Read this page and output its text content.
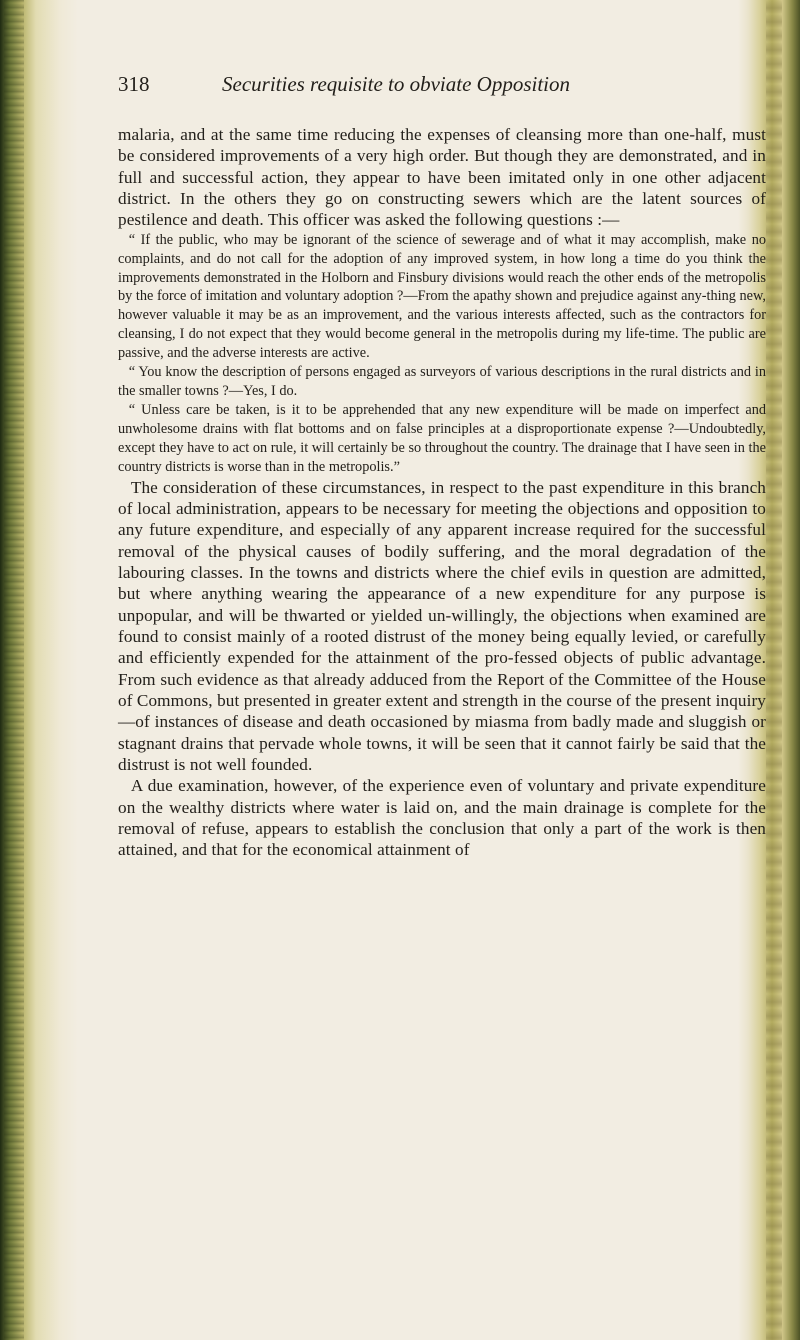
318	Securities requisite to obviate Opposition

malaria, and at the same time reducing the expenses of cleansing more than one-half, must be considered improvements of a very high order. But though they are demonstrated, and in full and successful action, they appear to have been imitated only in one other adjacent district. In the others they go on constructing sewers which are the latent sources of pestilence and death. This officer was asked the following questions :—

“ If the public, who may be ignorant of the science of sewerage and of what it may accomplish, make no complaints, and do not call for the adoption of any improved system, in how long a time do you think the improvements demonstrated in the Holborn and Finsbury divisions would reach the other ends of the metropolis by the force of imitation and voluntary adoption ?—From the apathy shown and prejudice against any-thing new, however valuable it may be as an improvement, and the various interests affected, such as the contractors for cleansing, I do not expect that they would become general in the metropolis during my life-time. The public are passive, and the adverse interests are active.

“ You know the description of persons engaged as surveyors of various descriptions in the rural districts and in the smaller towns ?—Yes, I do.

“ Unless care be taken, is it to be apprehended that any new expenditure will be made on imperfect and unwholesome drains with flat bottoms and on false principles at a disproportionate expense ?—Undoubtedly, except they have to act on rule, it will certainly be so throughout the country. The drainage that I have seen in the country districts is worse than in the metropolis.”

The consideration of these circumstances, in respect to the past expenditure in this branch of local administration, appears to be necessary for meeting the objections and opposition to any future expenditure, and especially of any apparent increase required for the successful removal of the physical causes of bodily suffering, and the moral degradation of the labouring classes. In the towns and districts where the chief evils in question are admitted, but where anything wearing the appearance of a new expenditure for any purpose is unpopular, and will be thwarted or yielded un-willingly, the objections when examined are found to consist mainly of a rooted distrust of the money being equally levied, or carefully and efficiently expended for the attainment of the pro-fessed objects of public advantage. From such evidence as that already adduced from the Report of the Committee of the House of Commons, but presented in greater extent and strength in the course of the present inquiry—of instances of disease and death occasioned by miasma from badly made and sluggish or stagnant drains that pervade whole towns, it will be seen that it cannot fairly be said that the distrust is not well founded.

A due examination, however, of the experience even of voluntary and private expenditure on the wealthy districts where water is laid on, and the main drainage is complete for the removal of refuse, appears to establish the conclusion that only a part of the work is then attained, and that for the economical attainment of
